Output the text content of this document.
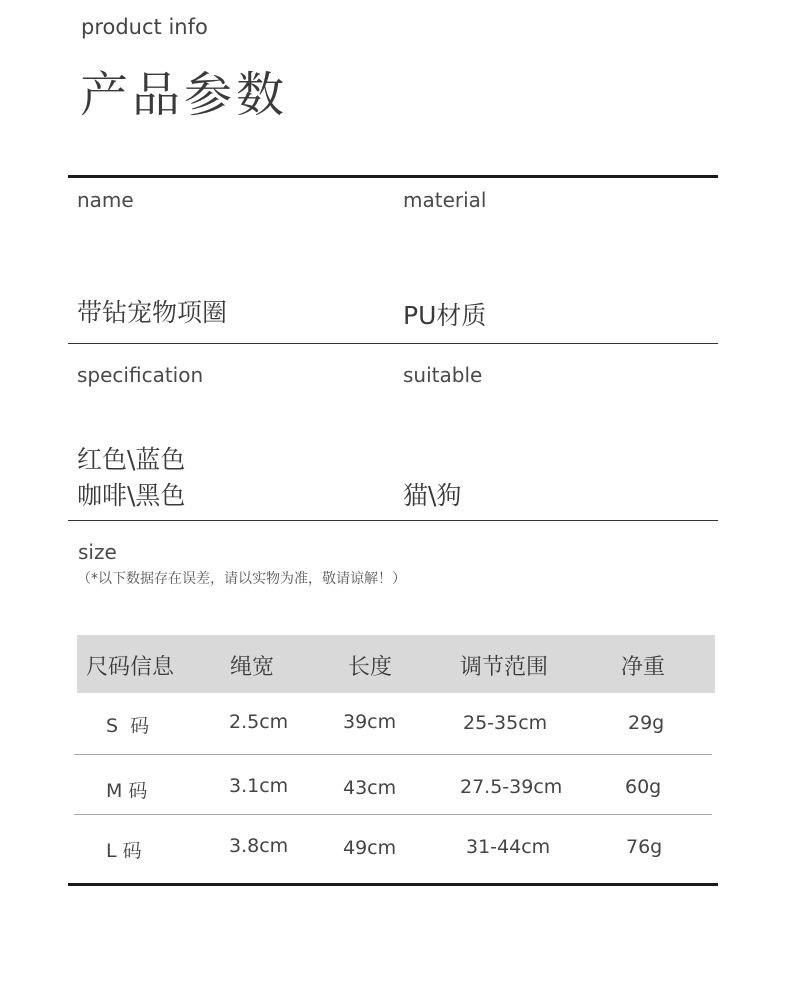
product info
产品参数
name
带钻宠物项圈
material
PU材质
specification
红色\蓝色
咖啡\黑色
suitable
猫\狗
size
（*以下数据存在误差，请以实物为准，敬请谅解！）
尺码信息	绳宽	长度	调节范围	净重
S  码	2.5cm	39cm	25-35cm	29g
M 码	3.1cm	43cm	27.5-39cm	60g
L 码	3.8cm	49cm	31-44cm	76g
